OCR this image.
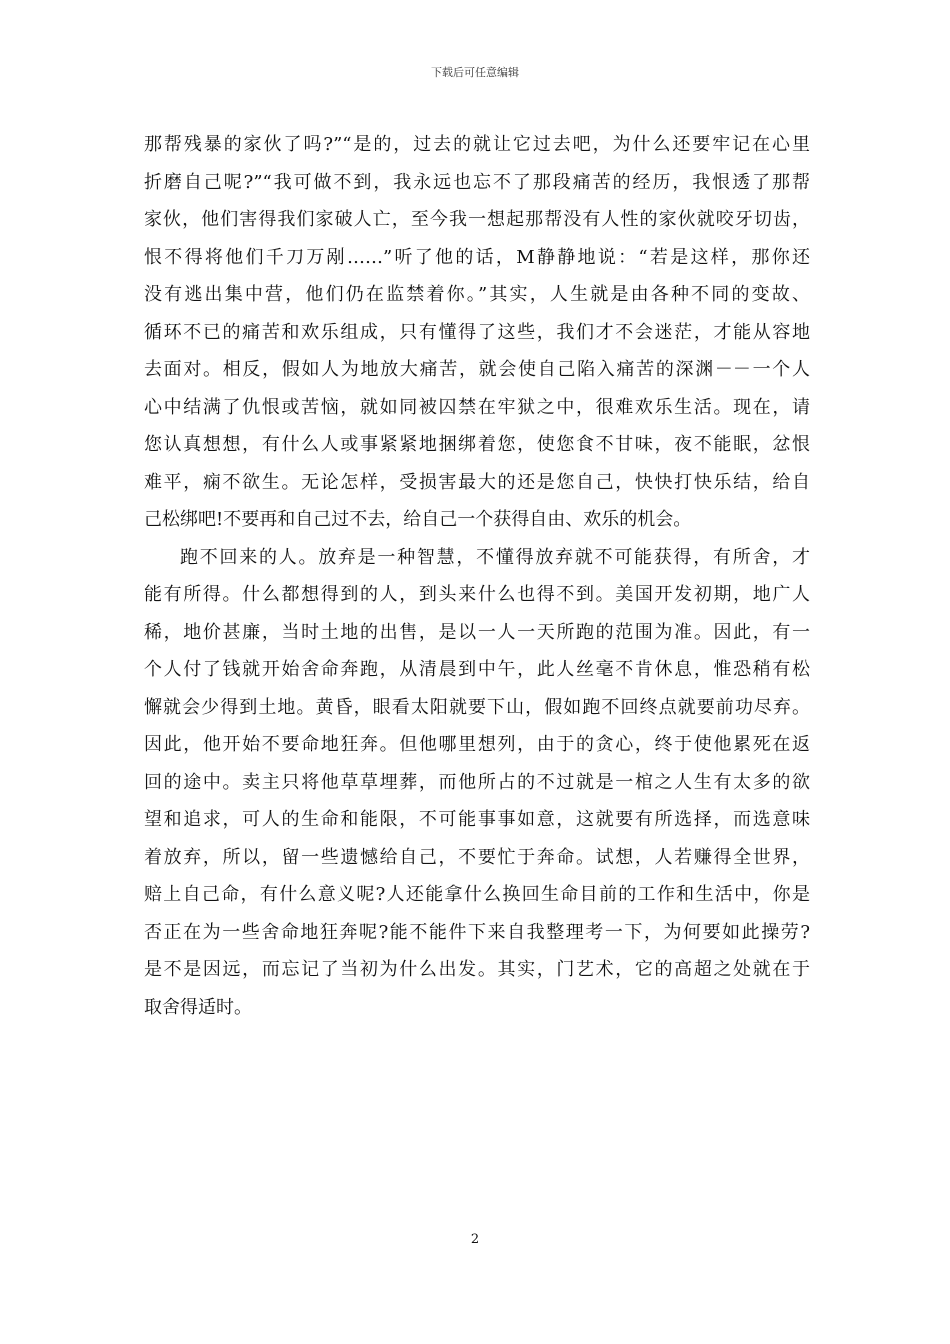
下载后可任意编辑

那帮残暴的家伙了吗?”“是的，过去的就让它过去吧，为什么还要牢记在心里
折磨自己呢?”“我可做不到，我永远也忘不了那段痛苦的经历，我恨透了那帮
家伙，他们害得我们家破人亡，至今我一想起那帮没有人性的家伙就咬牙切齿，
恨不得将他们千刀万剐……”听了他的话，M静静地说：“若是这样，那你还
没有逃出集中营，他们仍在监禁着你。”其实，人生就是由各种不同的变故、
循环不已的痛苦和欢乐组成，只有懂得了这些，我们才不会迷茫，才能从容地
去面对。相反，假如人为地放大痛苦，就会使自己陷入痛苦的深渊－－一个人
心中结满了仇恨或苦恼，就如同被囚禁在牢狱之中，很难欢乐生活。现在，请
您认真想想，有什么人或事紧紧地捆绑着您，使您食不甘味，夜不能眠，忿恨
难平，痫不欲生。无论怎样，受损害最大的还是您自己，快快打快乐结，给自
己松绑吧!不要再和自己过不去，给自己一个获得自由、欢乐的机会。

跑不回来的人。放弃是一种智慧，不懂得放弃就不可能获得，有所舍，才
能有所得。什么都想得到的人，到头来什么也得不到。美国开发初期，地广人
稀，地价甚廉，当时土地的出售，是以一人一天所跑的范围为准。因此，有一
个人付了钱就开始舍命奔跑，从清晨到中午，此人丝毫不肯休息，惟恐稍有松
懈就会少得到土地。黄昏，眼看太阳就要下山，假如跑不回终点就要前功尽弃。
因此，他开始不要命地狂奔。但他哪里想列，由于的贪心，终于使他累死在返
回的途中。卖主只将他草草埋葬，而他所占的不过就是一棺之人生有太多的欲
望和追求，可人的生命和能限，不可能事事如意，这就要有所选择，而选意味
着放弃，所以，留一些遗憾给自己，不要忙于奔命。试想，人若赚得全世界，
赔上自己命，有什么意义呢?人还能拿什么换回生命目前的工作和生活中，你是
否正在为一些舍命地狂奔呢?能不能件下来自我整理考一下，为何要如此操劳?
是不是因远，而忘记了当初为什么出发。其实，门艺术，它的高超之处就在于
取舍得适时。

2
